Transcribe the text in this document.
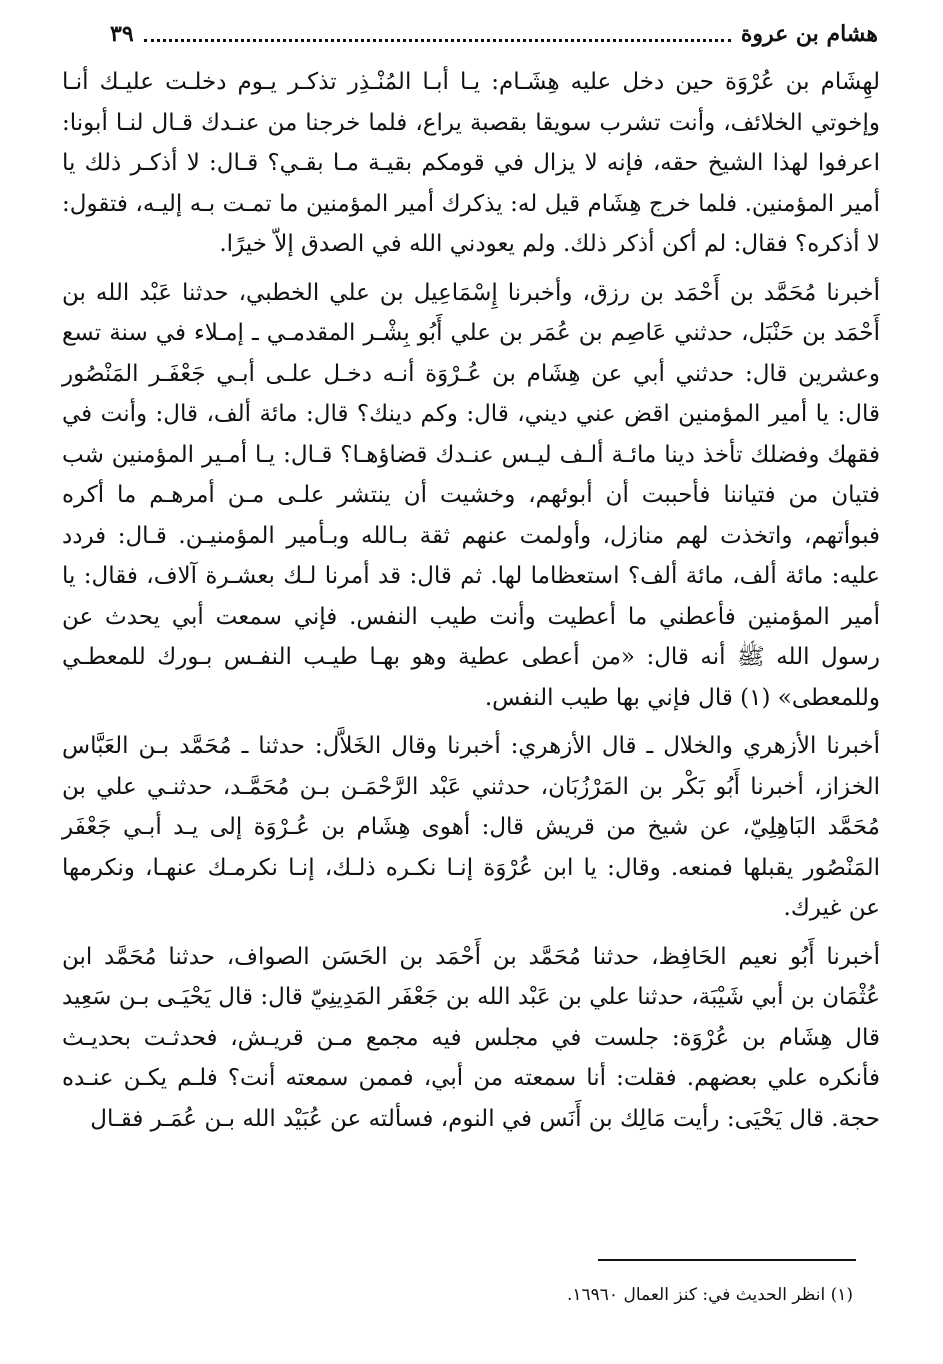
هشام بن عروة
٣٩

لهِشَام بن عُرْوَة حين دخل عليه هِشَـام: يـا أبـا المُنْـذِر تذكـر يـوم دخلـت عليـك أنـا وإخوتي الخلائف، وأنت تشرب سويقا بقصبة يراع، فلما خرجنا من عنـدك قـال لنـا أبونا: اعرفوا لهذا الشيخ حقه، فإنه لا يزال في قومكم بقيـة مـا بقـي؟ قـال: لا أذكـر ذلك يا أمير المؤمنين. فلما خرج هِشَام قيل له: يذكرك أمير المؤمنين ما تمـت بـه إليـه، فتقول: لا أذكره؟ فقال: لم أكن أذكر ذلك. ولم يعودني الله في الصدق إلاّ خيرًا.

أخبرنا مُحَمَّد بن أَحْمَد بن رزق، وأخبرنا إِسْمَاعِيل بن علي الخطبي، حدثنا عَبْد الله بن أَحْمَد بن حَنْبَل، حدثني عَاصِم بن عُمَر بن علي أَبُو بِشْـر المقدمـي ـ إمـلاء في سنة تسع وعشرين قال: حدثني أبي عن هِشَام بن عُـرْوَة أنـه دخـل علـى أبـي جَعْفَـر المَنْصُور قال: يا أمير المؤمنين اقض عني ديني، قال: وكم دينك؟ قال: مائة ألف، قال: وأنت في فقهك وفضلك تأخذ دينا مائـة ألـف ليـس عنـدك قضاؤهـا؟ قـال: يـا أمـير المؤمنين شب فتيان من فتياننا فأحببت أن أبوئهم، وخشيت أن ينتشر علـى مـن أمرهـم ما أكره فبوأتهم، واتخذت لهم منازل، وأولمت عنهم ثقة بـالله وبـأمير المؤمنيـن. قـال: فردد عليه: مائة ألف، مائة ألف؟ استعظاما لها. ثم قال: قد أمرنا لـك بعشـرة آلاف، فقال: يا أمير المؤمنين فأعطني ما أعطيت وأنت طيب النفس. فإني سمعت أبي يحدث عن رسول الله ﷺ أنه قال: «من أعطى عطية وهو بهـا طيـب النفـس بـورك للمعطـي وللمعطى» (١) قال فإني بها طيب النفس.

أخبرنا الأزهري والخلال ـ قال الأزهري: أخبرنا وقال الخَلاَّل: حدثنا ـ مُحَمَّد بـن العَبَّاس الخزاز، أخبرنا أَبُو بَكْر بن المَرْزُبَان، حدثني عَبْد الرَّحْمَـن بـن مُحَمَّـد، حدثنـي علي بن مُحَمَّد البَاهِلِيّ، عن شيخ من قريش قال: أهوى هِشَام بن عُـرْوَة إلى يـد أبـي جَعْفَر المَنْصُور يقبلها فمنعه. وقال: يا ابن عُرْوَة إنـا نكـره ذلـك، إنـا نكرمـك عنهـا، ونكرمها عن غيرك.

أخبرنا أَبُو نعيم الحَافِظ، حدثنا مُحَمَّد بن أَحْمَد بن الحَسَن الصواف، حدثنا مُحَمَّد ابن عُثْمَان بن أبي شَيْبَة، حدثنا علي بن عَبْد الله بن جَعْفَر المَدِينِيّ قال: قال يَحْيَـى بـن سَعِيد قال هِشَام بن عُرْوَة: جلست في مجلس فيه مجمع مـن قريـش، فحدثـت بحديـث فأنكره علي بعضهم. فقلت: أنا سمعته من أبي، فممن سمعته أنت؟ فلـم يكـن عنـده حجة. قال يَحْيَى: رأيت مَالِك بن أَنَس في النوم، فسألته عن عُبَيْد الله بـن عُمَـر فقـال

(١) انظر الحديث في: كنز العمال ١٦٩٦٠.
